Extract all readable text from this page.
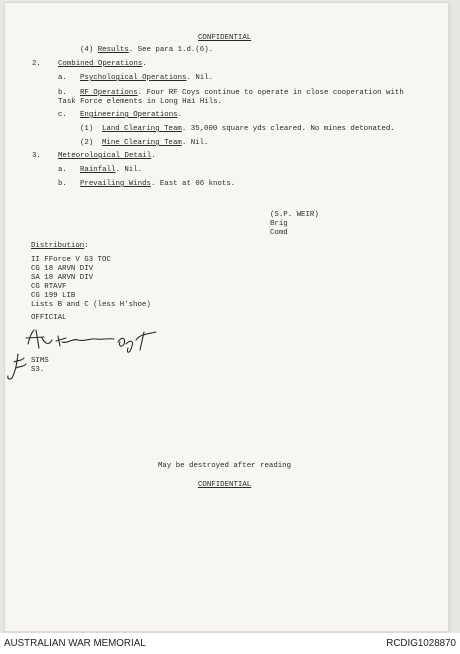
CONFIDENTIAL
(4) Results. See para 1.d.(6).
2. Combined Operations.
a. Psychological Operations. Nil.
b. RF Operations. Four RF Coys continue to operate in close cooperation with
Task Force elements in Long Hai Hils.
c. Engineering Operations.
(1) Land Clearing Team. 35,000 square yds cleared. No mines detonated.
(2) Mine Clearing Team. Nil.
3. Meteorological Detail.
a. Rainfall. Nil.
b. Prevailing Winds. East at 06 knots.
(S.P. WEIR)
Brig
Comd
Distribution:
II FForce V G3 TOC
CG 18 ARVN DIV
SA 18 ARVN DIV
CG RTAVF
CG 199 LIB
Lists B and C (less H'shoe)
OFFICIAL
SIMS
S3.
May be destroyed after reading
CONFIDENTIAL
AUSTRALIAN WAR MEMORIAL	RCDIG1028870
